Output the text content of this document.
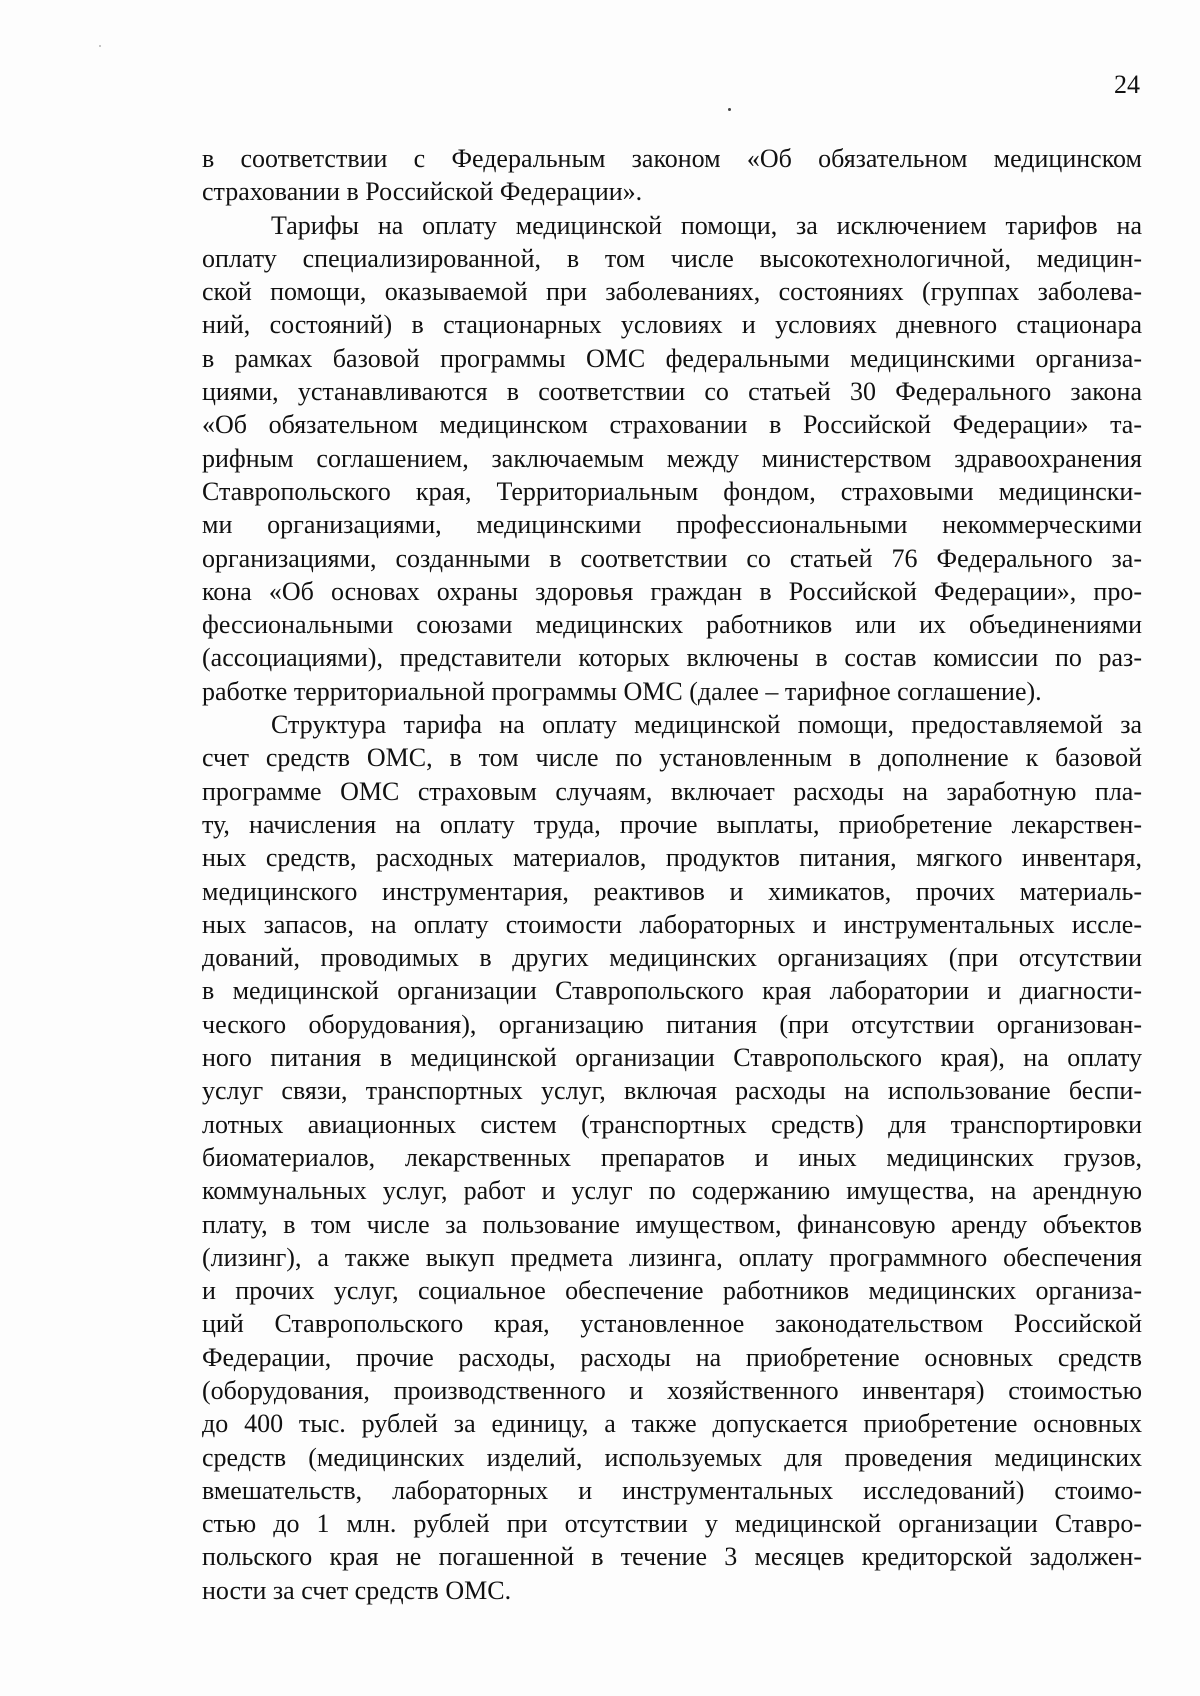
24
в соответствии с Федеральным законом «Об обязательном медицинском
страховании в Российской Федерации».
Тарифы на оплату медицинской помощи, за исключением тарифов на
оплату специализированной, в том числе высокотехнологичной, медицин-
ской помощи, оказываемой при заболеваниях, состояниях (группах заболева-
ний, состояний) в стационарных условиях и условиях дневного стационара
в рамках базовой программы ОМС федеральными медицинскими организа-
циями, устанавливаются в соответствии со статьей 30 Федерального закона
«Об обязательном медицинском страховании в Российской Федерации» та-
рифным соглашением, заключаемым между министерством здравоохранения
Ставропольского края, Территориальным фондом, страховыми медицински-
ми организациями, медицинскими профессиональными некоммерческими
организациями, созданными в соответствии со статьей 76 Федерального за-
кона «Об основах охраны здоровья граждан в Российской Федерации», про-
фессиональными союзами медицинских работников или их объединениями
(ассоциациями), представители которых включены в состав комиссии по раз-
работке территориальной программы ОМС (далее – тарифное соглашение).
Структура тарифа на оплату медицинской помощи, предоставляемой за
счет средств ОМС, в том числе по установленным в дополнение к базовой
программе ОМС страховым случаям, включает расходы на заработную пла-
ту, начисления на оплату труда, прочие выплаты, приобретение лекарствен-
ных средств, расходных материалов, продуктов питания, мягкого инвентаря,
медицинского инструментария, реактивов и химикатов, прочих материаль-
ных запасов, на оплату стоимости лабораторных и инструментальных иссле-
дований, проводимых в других медицинских организациях (при отсутствии
в медицинской организации Ставропольского края лаборатории и диагности-
ческого оборудования), организацию питания (при отсутствии организован-
ного питания в медицинской организации Ставропольского края), на оплату
услуг связи, транспортных услуг, включая расходы на использование беспи-
лотных авиационных систем (транспортных средств) для транспортировки
биоматериалов, лекарственных препаратов и иных медицинских грузов,
коммунальных услуг, работ и услуг по содержанию имущества, на арендную
плату, в том числе за пользование имуществом, финансовую аренду объектов
(лизинг), а также выкуп предмета лизинга, оплату программного обеспечения
и прочих услуг, социальное обеспечение работников медицинских организа-
ций Ставропольского края, установленное законодательством Российской
Федерации, прочие расходы, расходы на приобретение основных средств
(оборудования, производственного и хозяйственного инвентаря) стоимостью
до 400 тыс. рублей за единицу, а также допускается приобретение основных
средств (медицинских изделий, используемых для проведения медицинских
вмешательств, лабораторных и инструментальных исследований) стоимо-
стью до 1 млн. рублей при отсутствии у медицинской организации Ставро-
польского края не погашенной в течение 3 месяцев кредиторской задолжен-
ности за счет средств ОМС.
